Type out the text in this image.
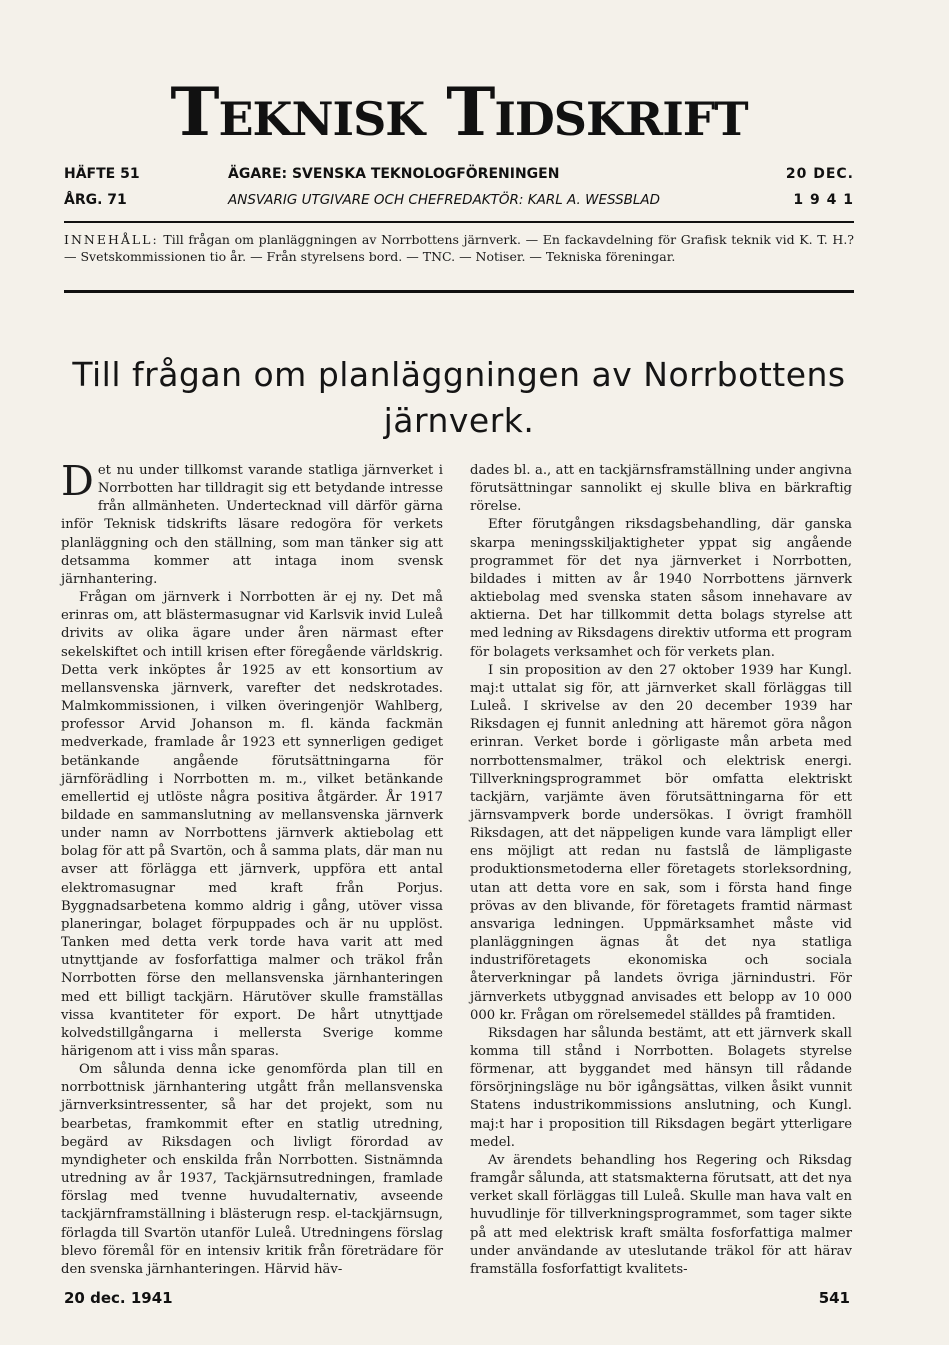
Teknisk Tidskrift
HÄFTE 51	ÄGARE: SVENSKA TEKNOLOGFÖRENINGEN	20 DEC.
ÅRG. 71	ANSVARIG UTGIVARE OCH CHEFREDAKTÖR: KARL A. WESSBLAD	1 9 4 1
INNEHÅLL: Till frågan om planläggningen av Norrbottens järnverk. — En fackavdelning för Grafisk teknik vid K. T. H.? — Svetskommissionen tio år. — Från styrelsens bord. — TNC. — Notiser. — Tekniska föreningar.
Till frågan om planläggningen av Norrbottens
järnverk.

Det nu under tillkomst varande statliga järnverket i Norrbotten har tilldragit sig ett betydande intresse från allmänheten. Undertecknad vill därför gärna inför Teknisk tidskrifts läsare redogöra för verkets planläggning och den ställning, som man tänker sig att detsamma kommer att intaga inom svensk järnhantering.

Frågan om järnverk i Norrbotten är ej ny. Det må erinras om, att blästermasugnar vid Karlsvik invid Luleå drivits av olika ägare under åren närmast efter sekelskiftet och intill krisen efter föregående världskrig. Detta verk inköptes år 1925 av ett konsortium av mellansvenska järnverk, varefter det nedskrotades. Malmkommissionen, i vilken överingenjör Wahlberg, professor Arvid Johanson m. fl. kända fackmän medverkade, framlade år 1923 ett synnerligen gediget betänkande angående förutsättningarna för järnförädling i Norrbotten m. m., vilket betänkande emellertid ej utlöste några positiva åtgärder. År 1917 bildade en sammanslutning av mellansvenska järnverk under namn av Norrbottens järnverk aktiebolag ett bolag för att på Svartön, och å samma plats, där man nu avser att förlägga ett järnverk, uppföra ett antal elektromasugnar med kraft från Porjus. Byggnadsarbetena kommo aldrig i gång, utöver vissa planeringar, bolaget förpuppades och är nu upplöst. Tanken med detta verk torde hava varit att med utnyttjande av fosforfattiga malmer och träkol från Norrbotten förse den mellansvenska järnhanteringen med ett billigt tackjärn. Härutöver skulle framställas vissa kvantiteter för export. De hårt utnyttjade kolvedstillgångarna i mellersta Sverige komme härigenom att i viss mån sparas.

Om sålunda denna icke genomförda plan till en norrbottnisk järnhantering utgått från mellansvenska järnverksintressenter, så har det projekt, som nu bearbetas, framkommit efter en statlig utredning, begärd av Riksdagen och livligt förordad av myndigheter och enskilda från Norrbotten. Sistnämnda utredning av år 1937, Tackjärnsutredningen, framlade förslag med tvenne huvudalternativ, avseende tackjärnframställning i blästerugn resp. el-tackjärnsugn, förlagda till Svartön utanför Luleå. Utredningens förslag blevo föremål för en intensiv kritik från företrädare för den svenska järnhanteringen. Härvid häv-

dades bl. a., att en tackjärnsframställning under angivna förutsättningar sannolikt ej skulle bliva en bärkraftig rörelse.

Efter förutgången riksdagsbehandling, där ganska skarpa meningsskiljaktigheter yppat sig angående programmet för det nya järnverket i Norrbotten, bildades i mitten av år 1940 Norrbottens järnverk aktiebolag med svenska staten såsom innehavare av aktierna. Det har tillkommit detta bolags styrelse att med ledning av Riksdagens direktiv utforma ett program för bolagets verksamhet och för verkets plan.

I sin proposition av den 27 oktober 1939 har Kungl. maj:t uttalat sig för, att järnverket skall förläggas till Luleå. I skrivelse av den 20 december 1939 har Riksdagen ej funnit anledning att häremot göra någon erinran. Verket borde i görligaste mån arbeta med norrbottensmalmer, träkol och elektrisk energi. Tillverkningsprogrammet bör omfatta elektriskt tackjärn, varjämte även förutsättningarna för ett järnsvampverk borde undersökas. I övrigt framhöll Riksdagen, att det näppeligen kunde vara lämpligt eller ens möjligt att redan nu fastslå de lämpligaste produktionsmetoderna eller företagets storleksordning, utan att detta vore en sak, som i första hand finge prövas av den blivande, för företagets framtid närmast ansvariga ledningen. Uppmärksamhet måste vid planläggningen ägnas åt det nya statliga industriföretagets ekonomiska och sociala återverkningar på landets övriga järnindustri. För järnverkets utbyggnad anvisades ett belopp av 10 000 000 kr. Frågan om rörelsemedel ställdes på framtiden.

Riksdagen har sålunda bestämt, att ett järnverk skall komma till stånd i Norrbotten. Bolagets styrelse förmenar, att byggandet med hänsyn till rådande försörjningsläge nu bör igångsättas, vilken åsikt vunnit Statens industrikommissions anslutning, och Kungl. maj:t har i proposition till Riksdagen begärt ytterligare medel.

Av ärendets behandling hos Regering och Riksdag framgår sålunda, att statsmakterna förutsatt, att det nya verket skall förläggas till Luleå. Skulle man hava valt en huvudlinje för tillverkningsprogrammet, som tager sikte på att med elektrisk kraft smälta fosforfattiga malmer under användande av uteslutande träkol för att härav framställa fosforfattigt kvalitets-

20 dec. 1941	541
